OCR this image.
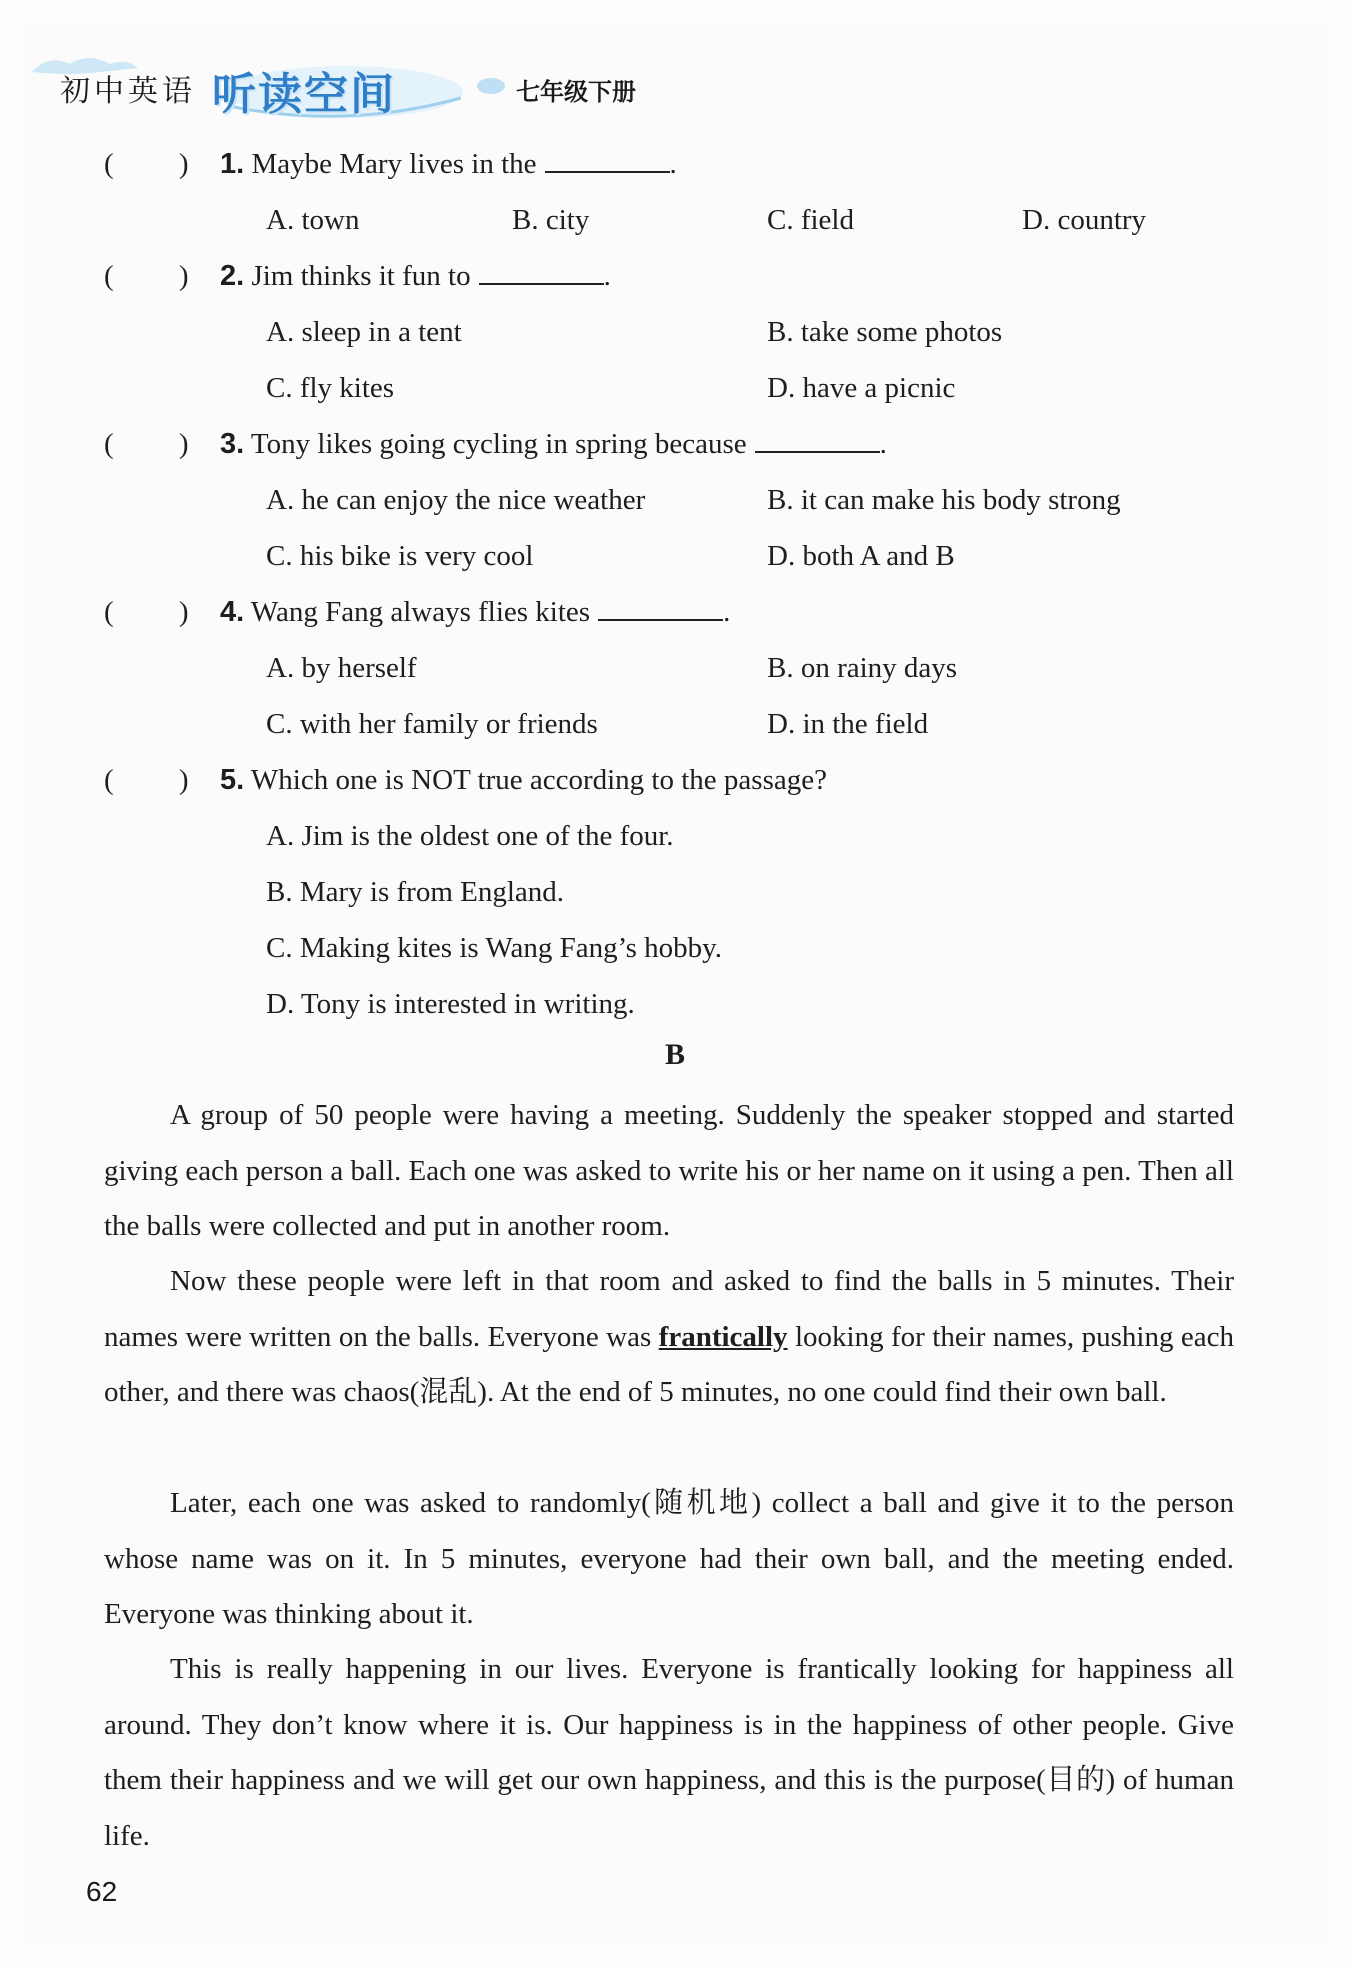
初中英语 听读空间	七年级下册
(         ) 1. Maybe Mary lives in the	.
A. town	B. city	C. field	D. country
(         ) 2. Jim thinks it fun to	.
A. sleep in a tent	B. take some photos
C. fly kites	D. have a picnic
(         ) 3. Tony likes going cycling in spring because	.
A. he can enjoy the nice weather	B. it can make his body strong
C. his bike is very cool	D. both A and B
(         ) 4. Wang Fang always flies kites	.
A. by herself	B. on rainy days
C. with her family or friends	D. in the field
(         ) 5. Which one is NOT true according to the passage?
A. Jim is the oldest one of the four.
B. Mary is from England.
C. Making kites is Wang Fang’s hobby.
D. Tony is interested in writing.
B
A group of 50 people were having a meeting. Suddenly the speaker stopped and started giving each person a ball. Each one was asked to write his or her name on it using a pen. Then all the balls were collected and put in another room.
Now these people were left in that room and asked to find the balls in 5 minutes. Their names were written on the balls. Everyone was frantically looking for their names, pushing each other, and there was chaos(混乱). At the end of 5 minutes, no one could find their own ball.
Later, each one was asked to randomly(随机地) collect a ball and give it to the person whose name was on it. In 5 minutes, everyone had their own ball, and the meeting ended. Everyone was thinking about it.
This is really happening in our lives. Everyone is frantically looking for happiness all around. They don’t know where it is. Our happiness is in the happiness of other people. Give them their happiness and we will get our own happiness, and this is the purpose(目的) of human life.
62
